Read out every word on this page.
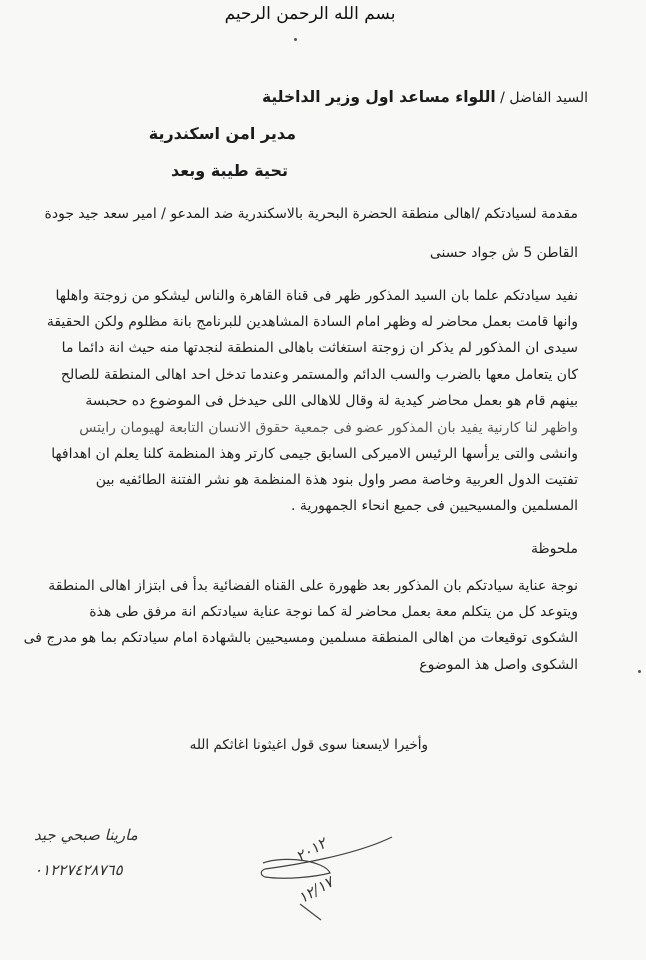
بسم الله الرحمن الرحيم
السيد الفاضل / اللواء مساعد اول وزير الداخلية
مدير امن اسكندرية
تحية طيبة وبعد
مقدمة لسيادتكم /اهالى منطقة الحضرة البحرية بالاسكندرية ضد المدعو / امير سعد جيد جودة
القاطن 5 ش جواد حسنى
نفيد سيادتكم علما بان السيد المذكور ظهر فى قناة القاهرة والناس ليشكو من زوجتة واهلها
وانها قامت بعمل محاضر له وظهر امام السادة المشاهدين للبرنامج بانة مظلوم ولكن الحقيقة
سيدى ان المذكور لم يذكر ان زوجتة استغاثت باهالى المنطقة لنجدتها منه حيث انة دائما ما
كان يتعامل معها بالضرب والسب الدائم والمستمر وعندما تدخل احد اهالى المنطقة للصالح
بينهم قام هو بعمل محاضر كيدية لة وقال للاهالى اللى حيدخل فى الموضوع ده ححبسة
واظهر لنا كارنية يفيد بان المذكور عضو فى جمعية حقوق الانسان التابعة لهيومان رايتس
وانشى والتى يرأسها الرئيس الاميركى السابق جيمى كارتر وهذ المنظمة كلنا يعلم ان اهدافها
تفتيت الدول العربية وخاصة مصر واول بنود هذة المنظمة هو نشر الفتنة الطائفيه بين
المسلمين والمسيحيين فى جميع انحاء الجمهورية .
ملحوظة
نوجة عناية سيادتكم بان المذكور بعد ظهورة على القناه الفضائية بدأ فى ابتزاز اهالى المنطقة
ويتوعد كل من يتكلم معة بعمل محاضر لة كما نوجة عناية سيادتكم انة مرفق طى هذة
الشكوى توقيعات من اهالى المنطقة مسلمين ومسيحيين بالشهادة امام سيادتكم بما هو مدرج فى
الشكوى واصل هذ الموضوع
وأخيرا لايسعنا سوى قول اغيثونا اغاثكم الله
مارينا صبحي جيد
٠١٢٢٧٤٢٨٧٦٥
٢٠١٢
١٢/١٧
